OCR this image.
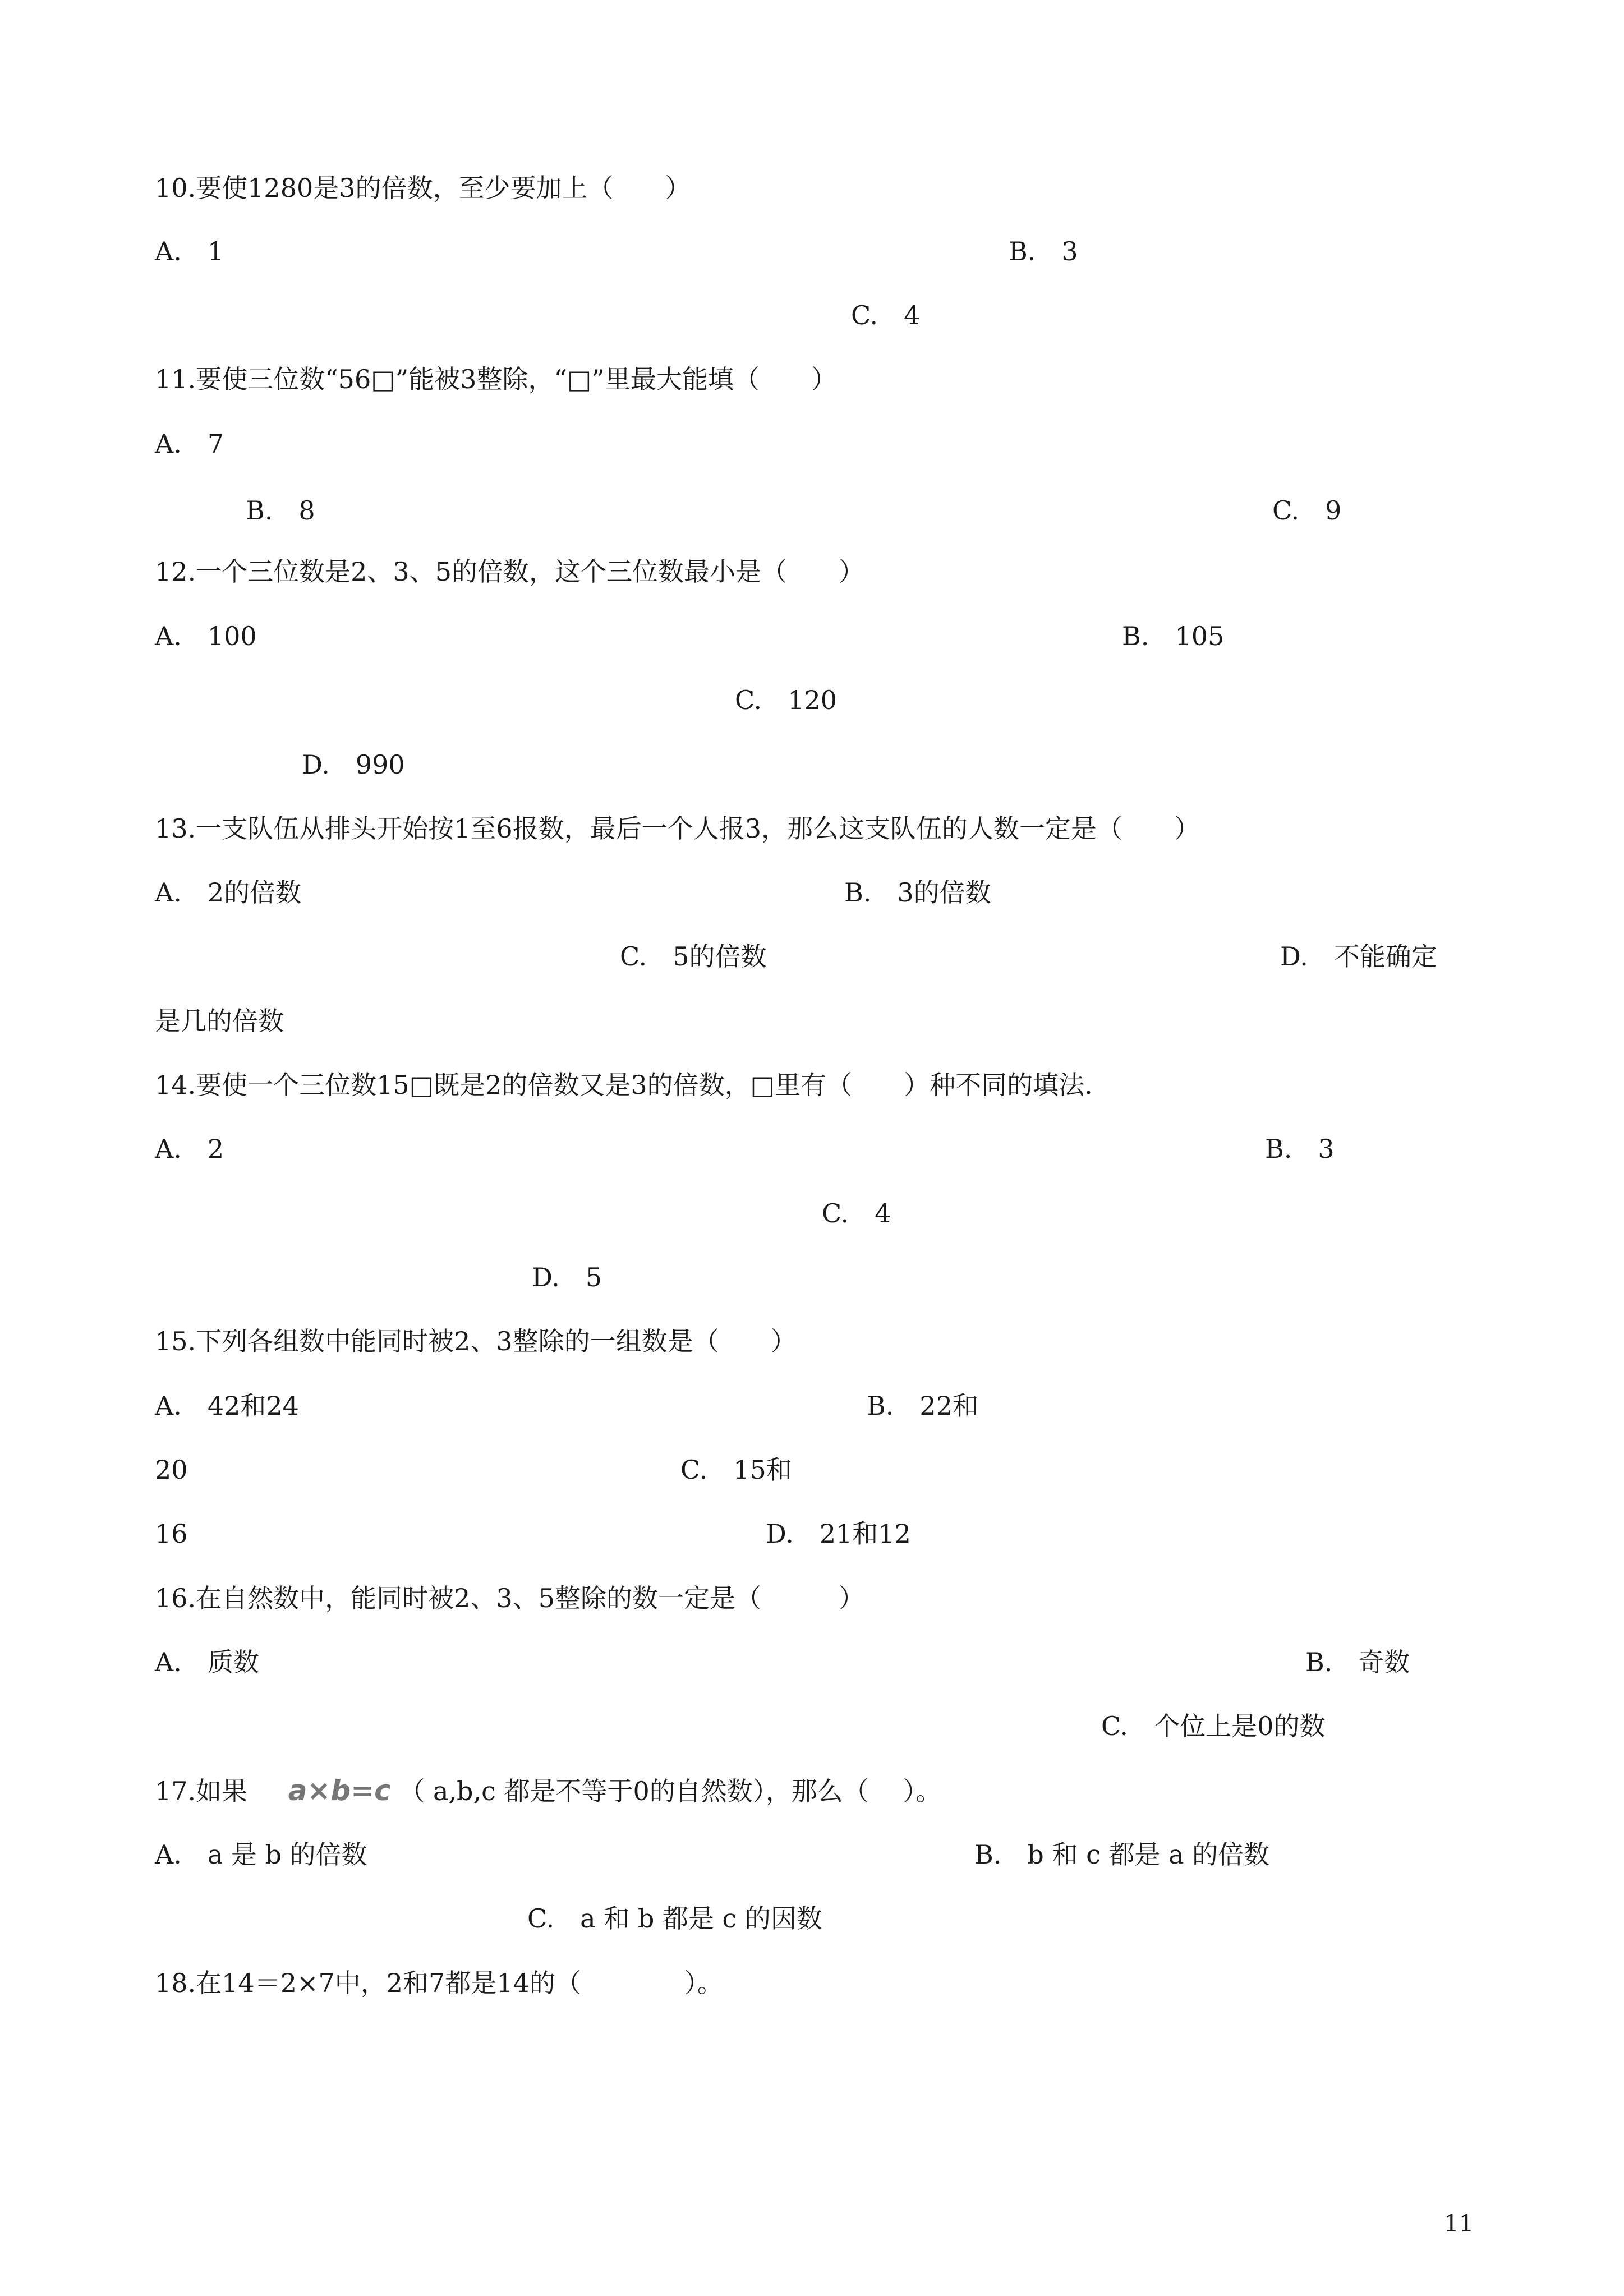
10.要使1280是3的倍数，至少要加上（　　）
A.　1	B.　3
C.　4
11.要使三位数“56□”能被3整除，“□”里最大能填（　　）
A.　7
B.　8	C.　9
12.一个三位数是2、3、5的倍数，这个三位数最小是（　　）
A.　100	B.　105
C.　120
D.　990
13.一支队伍从排头开始按1至6报数，最后一个人报3，那么这支队伍的人数一定是（　　）
A.　2的倍数	B.　3的倍数
C.　5的倍数	D.　不能确定
是几的倍数
14.要使一个三位数15□既是2的倍数又是3的倍数，□里有（　　）种不同的填法.
A.　2	B.　3
C.　4
D.　5
15.下列各组数中能同时被2、3整除的一组数是（　　）
A.　42和24	B.　22和
20	C.　15和
16	D.　21和12
16.在自然数中，能同时被2、3、5整除的数一定是（　　　）
A.　质数	B.　奇数
C.　个位上是0的数
17.如果 a×b=c （ a,b,c 都是不等于0的自然数），那么（　 ）。
A.　a 是 b 的倍数	B.　b 和 c 都是 a 的倍数
C.　a 和 b 都是 c 的因数
18.在14＝2×7中，2和7都是14的（　　　　）。
11
